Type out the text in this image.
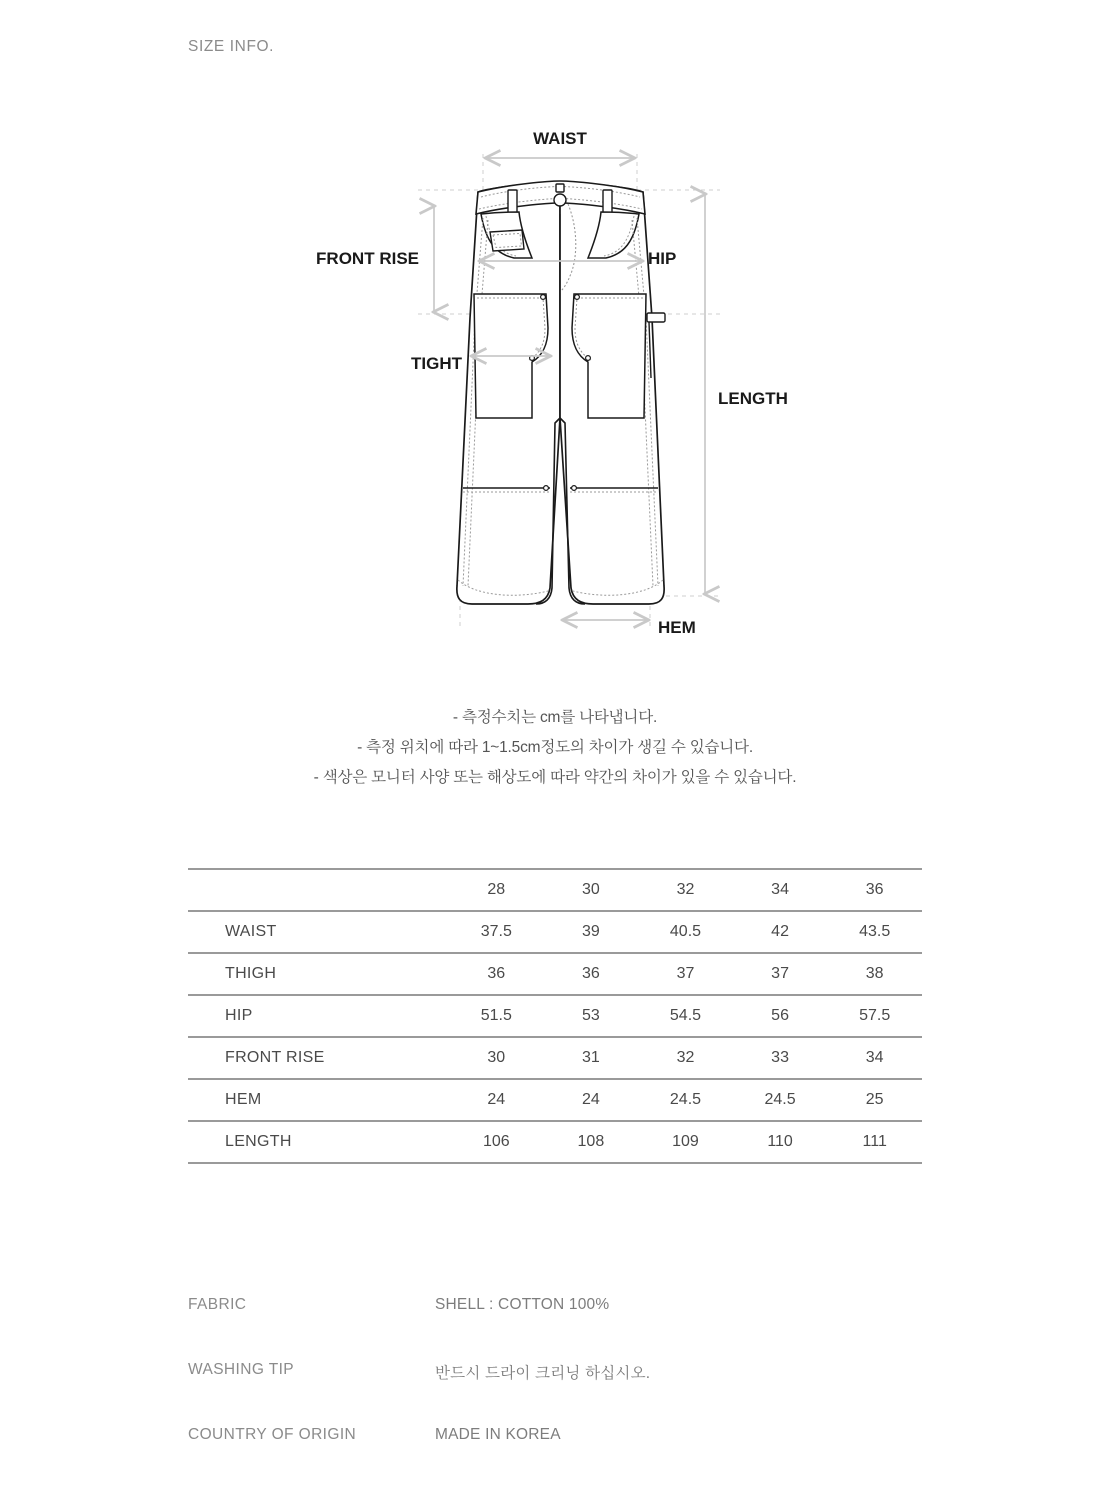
SIZE INFO.
WAIST
FRONT RISE	HIP
TIGHT
LENGTH
HEM
- 측정수치는 cm를 나타냅니다.
- 측정 위치에 따라 1~1.5cm정도의 차이가 생길 수 있습니다.
- 색상은 모니터 사양 또는 해상도에 따라 약간의 차이가 있을 수 있습니다.
	28	30	32	34	36
WAIST	37.5	39	40.5	42	43.5
THIGH	36	36	37	37	38
HIP	51.5	53	54.5	56	57.5
FRONT RISE	30	31	32	33	34
HEM	24	24	24.5	24.5	25
LENGTH	106	108	109	110	111
FABRIC	SHELL : COTTON 100%
WASHING TIP	반드시 드라이 크리닝 하십시오.
COUNTRY OF ORIGIN	MADE IN KOREA
